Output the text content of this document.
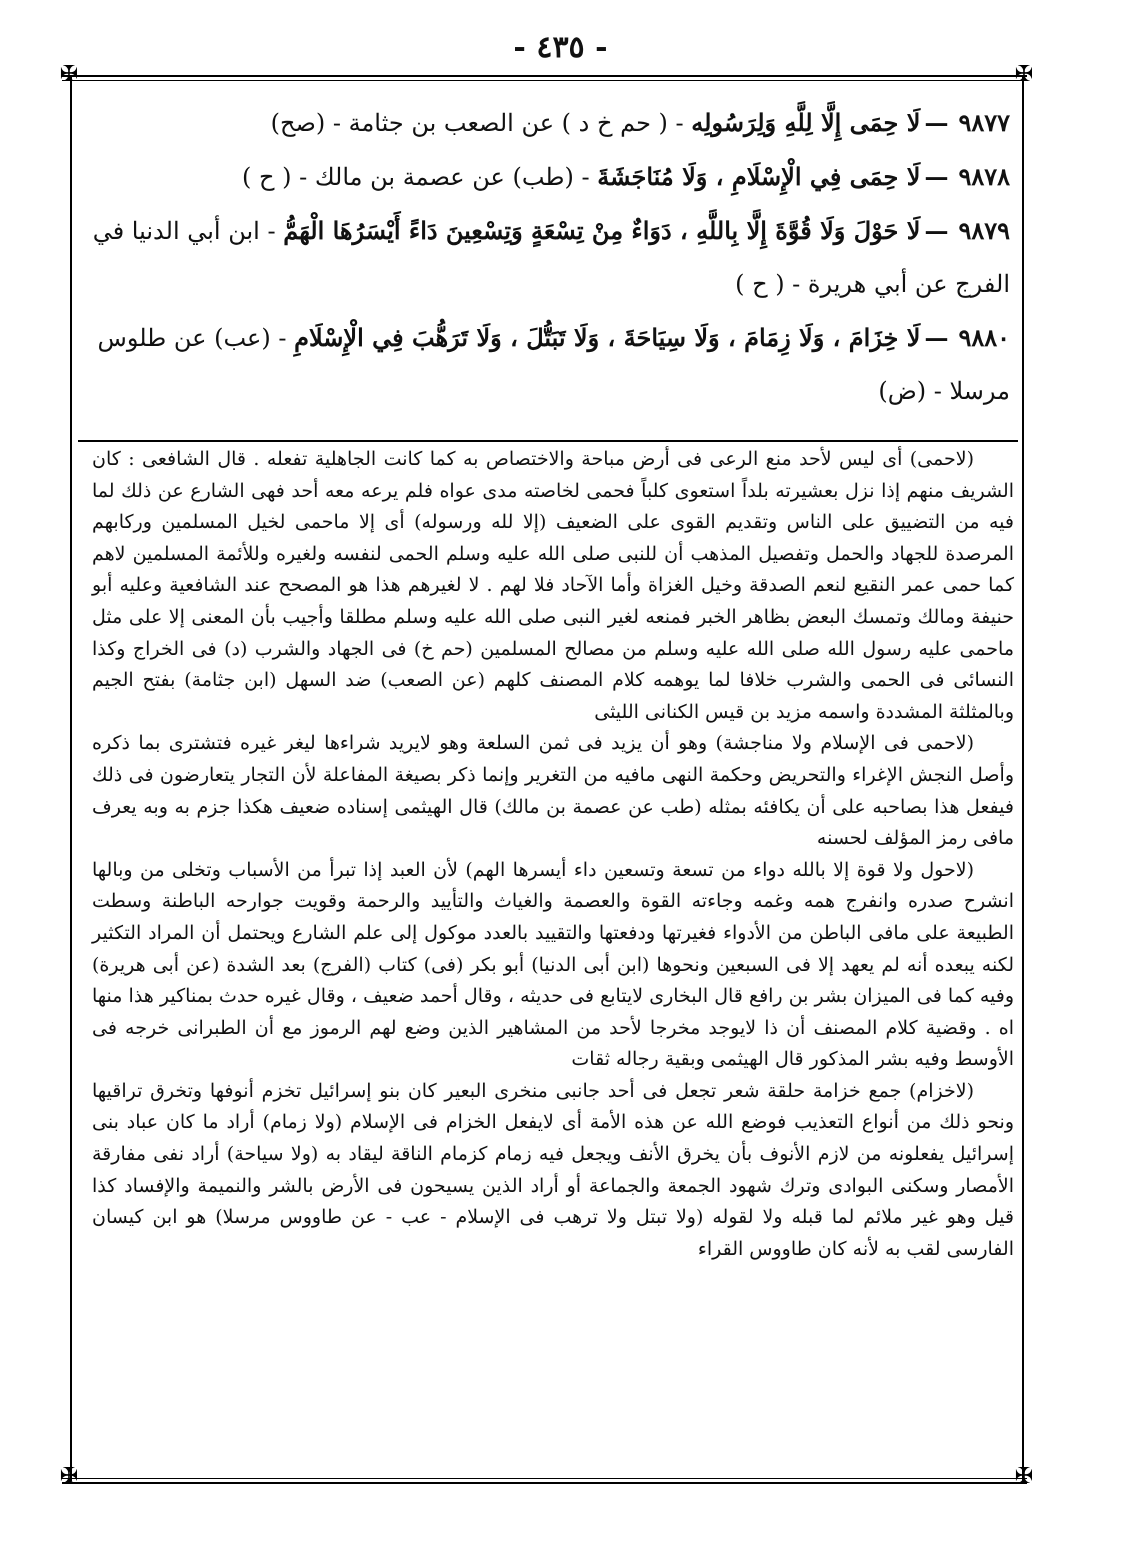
- ٤٣٥ -
✠	✠
✠	✠

٩٨٧٧—لَا حِمَى إِلَّا لِلَّهِ وَلِرَسُولِه - ( حم خ د ) عن الصعب بن جثامة - (صح)

٩٨٧٨—لَا حِمَى فِي الْإِسْلَامِ ، وَلَا مُنَاجَشَةَ - (طب) عن عصمة بن مالك - ( ح )

٩٨٧٩—لَا حَوْلَ وَلَا قُوَّةَ إِلَّا بِاللَّهِ ، دَوَاءٌ مِنْ تِسْعَةٍ وَتِسْعِينَ دَاءً أَيْسَرُهَا الْهَمُّ - ابن أبي الدنيا في الفرج عن أبي هريرة - ( ح )

٩٨٨٠—لَا خِزَامَ ، وَلَا زِمَامَ ، وَلَا سِيَاحَةَ ، وَلَا تَبَتُّلَ ، وَلَا تَرَهُّبَ فِي الْإِسْلَامِ - (عب) عن طلوس مرسلا - (ض)

(لاحمى) أى ليس لأحد منع الرعى فى أرض مباحة والاختصاص به كما كانت الجاهلية تفعله . قال الشافعى : كان الشريف منهم إذا نزل بعشيرته بلداً استعوى كلباً فحمى لخاصته مدى عواه فلم يرعه معه أحد فهى الشارع عن ذلك لما فيه من التضييق على الناس وتقديم القوى على الضعيف (إلا لله ورسوله) أى إلا ماحمى لخيل المسلمين وركابهم المرصدة للجهاد والحمل وتفصيل المذهب أن للنبى صلى الله عليه وسلم الحمى لنفسه ولغيره وللأئمة المسلمين لاهم كما حمى عمر النقيع لنعم الصدقة وخيل الغزاة وأما الآحاد فلا لهم . لا لغيرهم هذا هو المصحح عند الشافعية وعليه أبو حنيفة ومالك وتمسك البعض بظاهر الخبر فمنعه لغير النبى صلى الله عليه وسلم مطلقا وأجيب بأن المعنى إلا على مثل ماحمى عليه رسول الله صلى الله عليه وسلم من مصالح المسلمين (حم خ) فى الجهاد والشرب (د) فى الخراج وكذا النسائى فى الحمى والشرب خلافا لما يوهمه كلام المصنف كلهم (عن الصعب) ضد السهل (ابن جثامة) بفتح الجيم وبالمثلثة المشددة واسمه مزيد بن قيس الكنانى الليثى

(لاحمى فى الإسلام ولا مناجشة) وهو أن يزيد فى ثمن السلعة وهو لايريد شراءها ليغر غيره فتشترى بما ذكره وأصل النجش الإغراء والتحريض وحكمة النهى مافيه من التغرير وإنما ذكر بصيغة المفاعلة لأن التجار يتعارضون فى ذلك فيفعل هذا بصاحبه على أن يكافئه بمثله (طب عن عصمة بن مالك) قال الهيثمى إسناده ضعيف هكذا جزم به وبه يعرف مافى رمز المؤلف لحسنه

(لاحول ولا قوة إلا بالله دواء من تسعة وتسعين داء أيسرها الهم) لأن العبد إذا تبرأ من الأسباب وتخلى من وبالها انشرح صدره وانفرج همه وغمه وجاءته القوة والعصمة والغياث والتأييد والرحمة وقويت جوارحه الباطنة وسطت الطبيعة على مافى الباطن من الأدواء فغيرتها ودفعتها والتقييد بالعدد موكول إلى علم الشارع ويحتمل أن المراد التكثير لكنه يبعده أنه لم يعهد إلا فى السبعين ونحوها (ابن أبى الدنيا) أبو بكر (فى) كتاب (الفرج) بعد الشدة (عن أبى هريرة) وفيه كما فى الميزان بشر بن رافع قال البخارى لايتابع فى حديثه ، وقال أحمد ضعيف ، وقال غيره حدث بمناكير هذا منها اه . وقضية كلام المصنف أن ذا لايوجد مخرجا لأحد من المشاهير الذين وضع لهم الرموز مع أن الطبرانى خرجه فى الأوسط وفيه بشر المذكور قال الهيثمى وبقية رجاله ثقات

(لاخزام) جمع خزامة حلقة شعر تجعل فى أحد جانبى منخرى البعير كان بنو إسرائيل تخزم أنوفها وتخرق تراقيها ونحو ذلك من أنواع التعذيب فوضع الله عن هذه الأمة أى لايفعل الخزام فى الإسلام (ولا زمام) أراد ما كان عباد بنى إسرائيل يفعلونه من لازم الأنوف بأن يخرق الأنف ويجعل فيه زمام كزمام الناقة ليقاد به (ولا سياحة) أراد نفى مفارقة الأمصار وسكنى البوادى وترك شهود الجمعة والجماعة أو أراد الذين يسيحون فى الأرض بالشر والنميمة والإفساد كذا قيل وهو غير ملائم لما قبله ولا لقوله (ولا تبتل ولا ترهب فى الإسلام - عب - عن طاووس مرسلا) هو ابن كيسان الفارسى لقب به لأنه كان طاووس القراء
